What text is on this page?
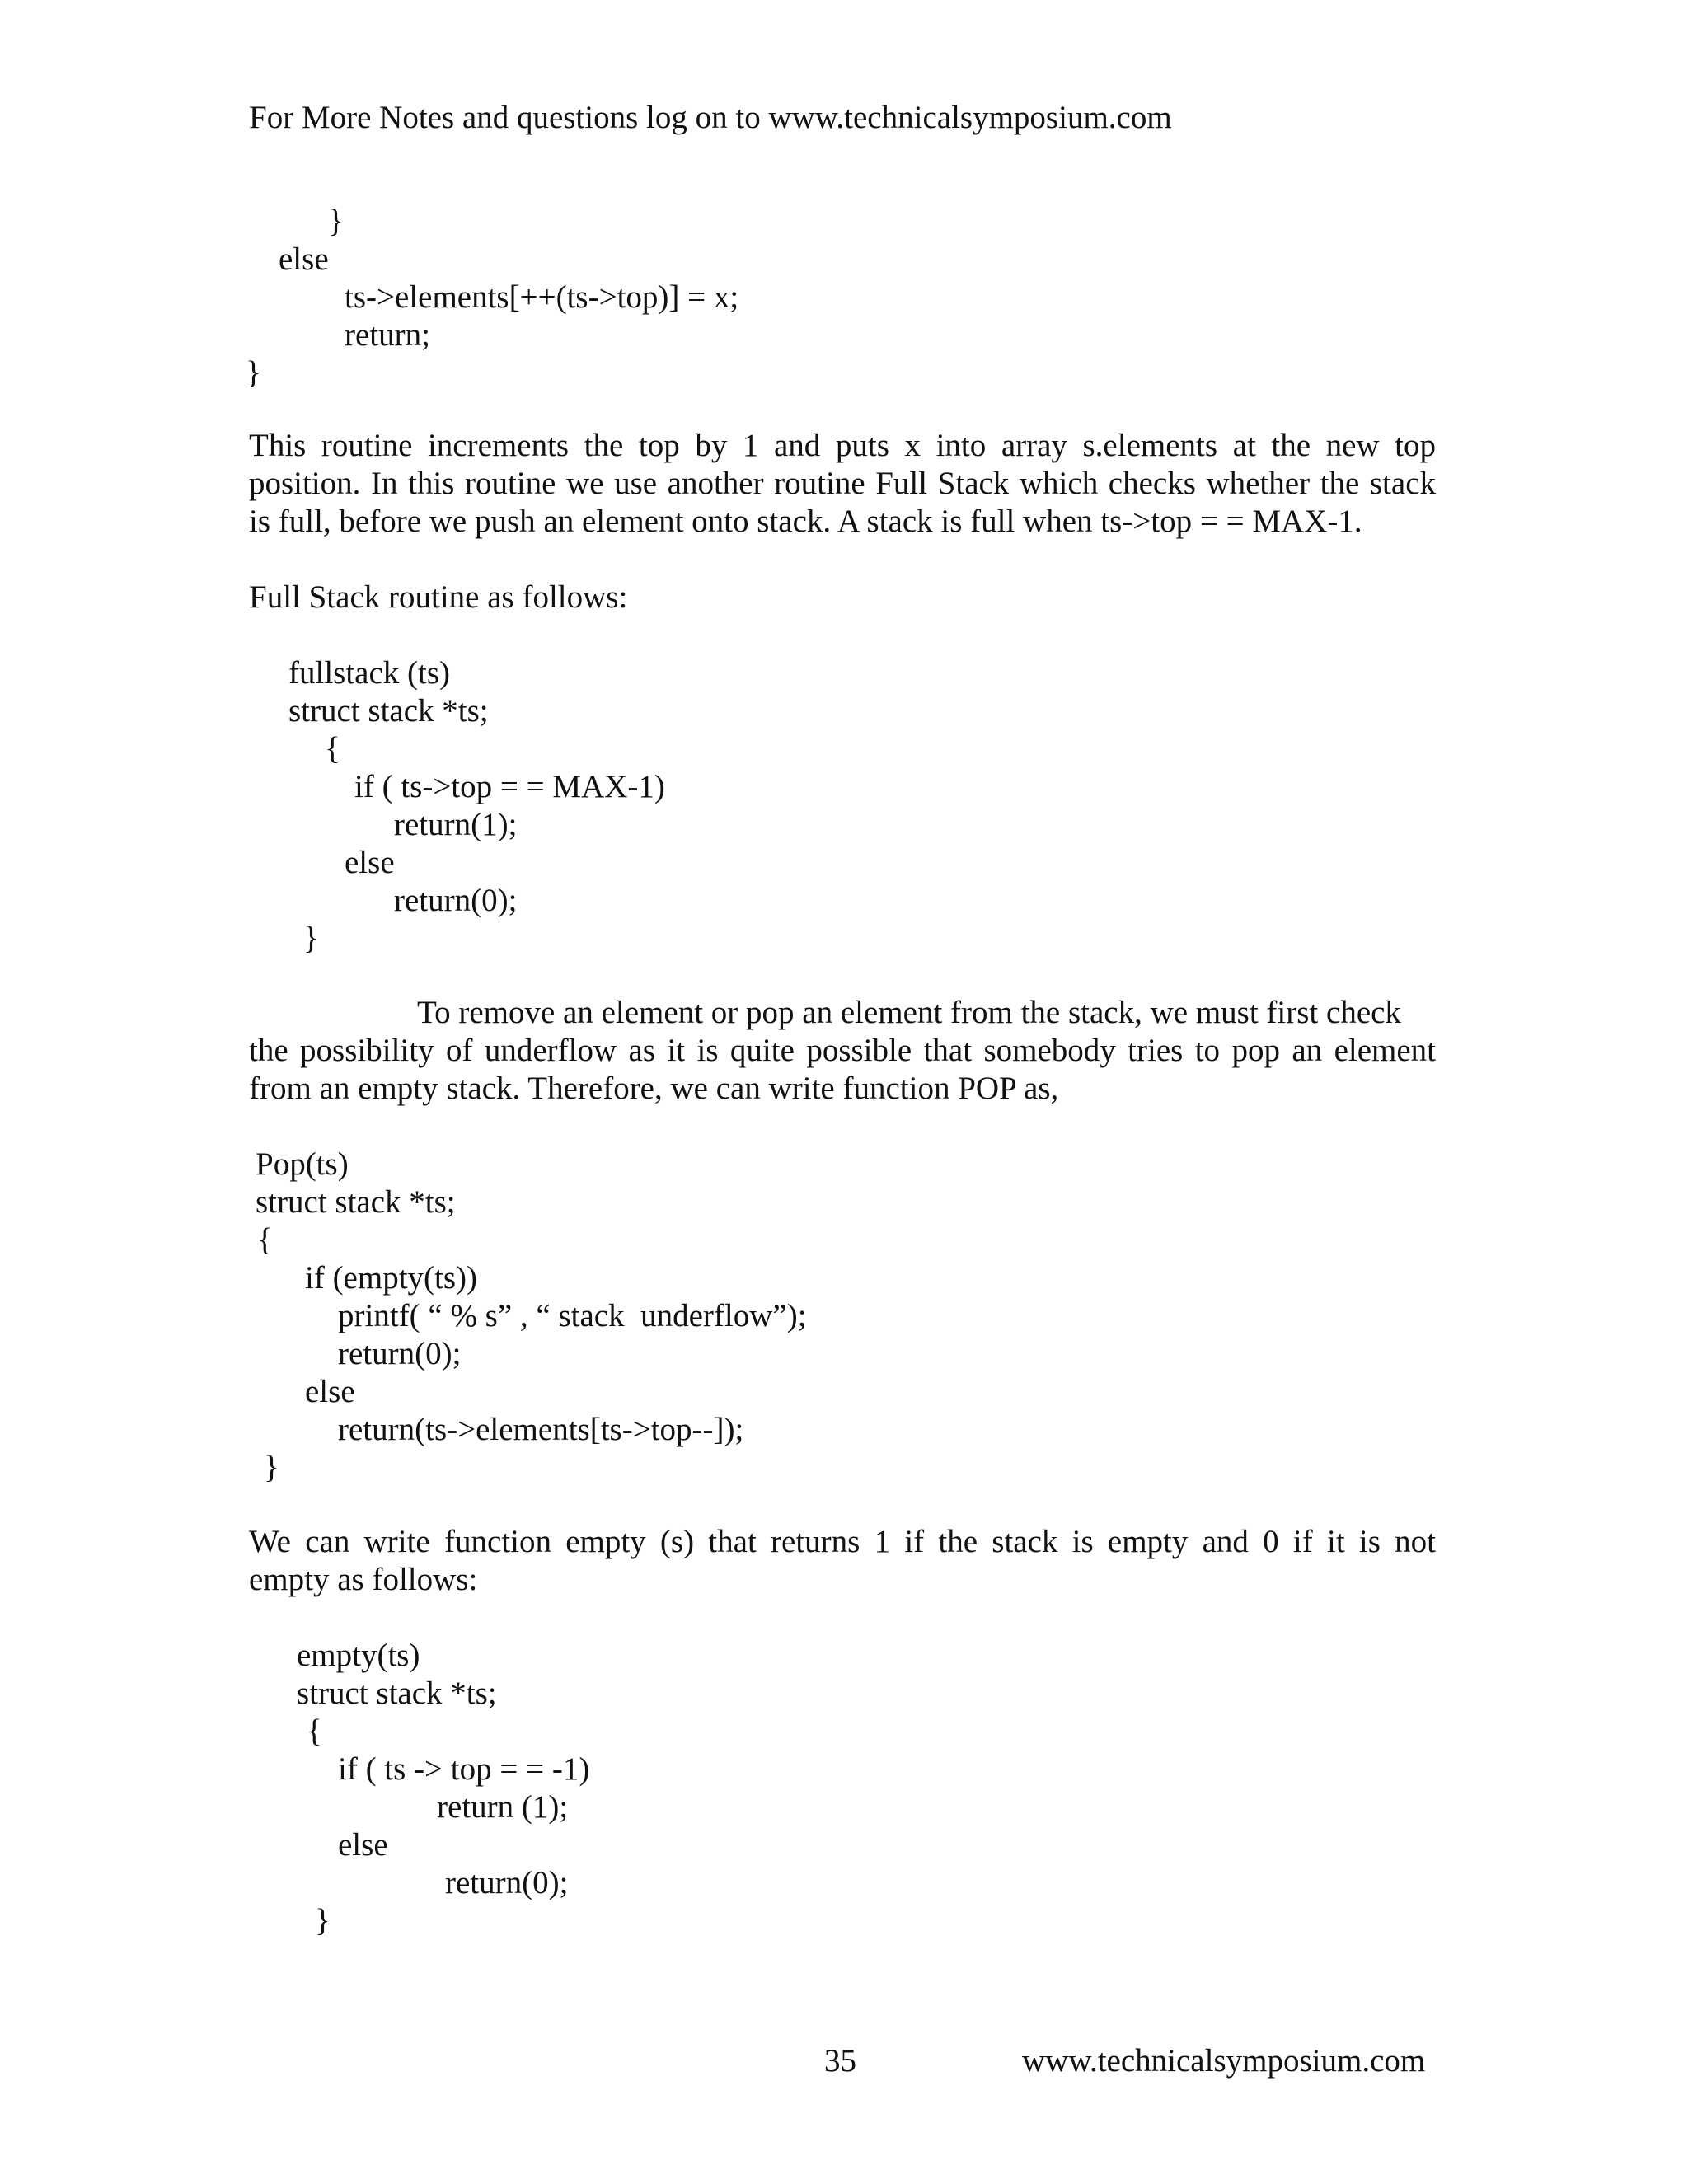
For More Notes and questions log on to www.technicalsymposium.com
}
else
ts->elements[++(ts->top)] = x;
return;
}
This routine increments the top by 1 and puts x into array s.elements at the new top
position. In this routine we use another routine Full Stack which checks whether the stack
is full, before we push an element onto stack. A stack is full when ts->top = = MAX-1.
Full Stack routine as follows:
fullstack (ts)
struct stack *ts;
{
if ( ts->top = = MAX-1)
return(1);
else
return(0);
}
To remove an element or pop an element from the stack, we must first check
the possibility of underflow as it is quite possible that somebody tries to pop an element
from an empty stack. Therefore, we can write function POP as,
Pop(ts)
struct stack *ts;
{
if (empty(ts))
printf( “ % s” , “ stack  underflow”);
return(0);
else
return(ts->elements[ts->top--]);
}
We can write function empty (s) that returns 1 if the stack is empty and 0 if it is not
empty as follows:
empty(ts)
struct stack *ts;
{
if ( ts -> top = = -1)
return (1);
else
return(0);
}
35	www.technicalsymposium.com
